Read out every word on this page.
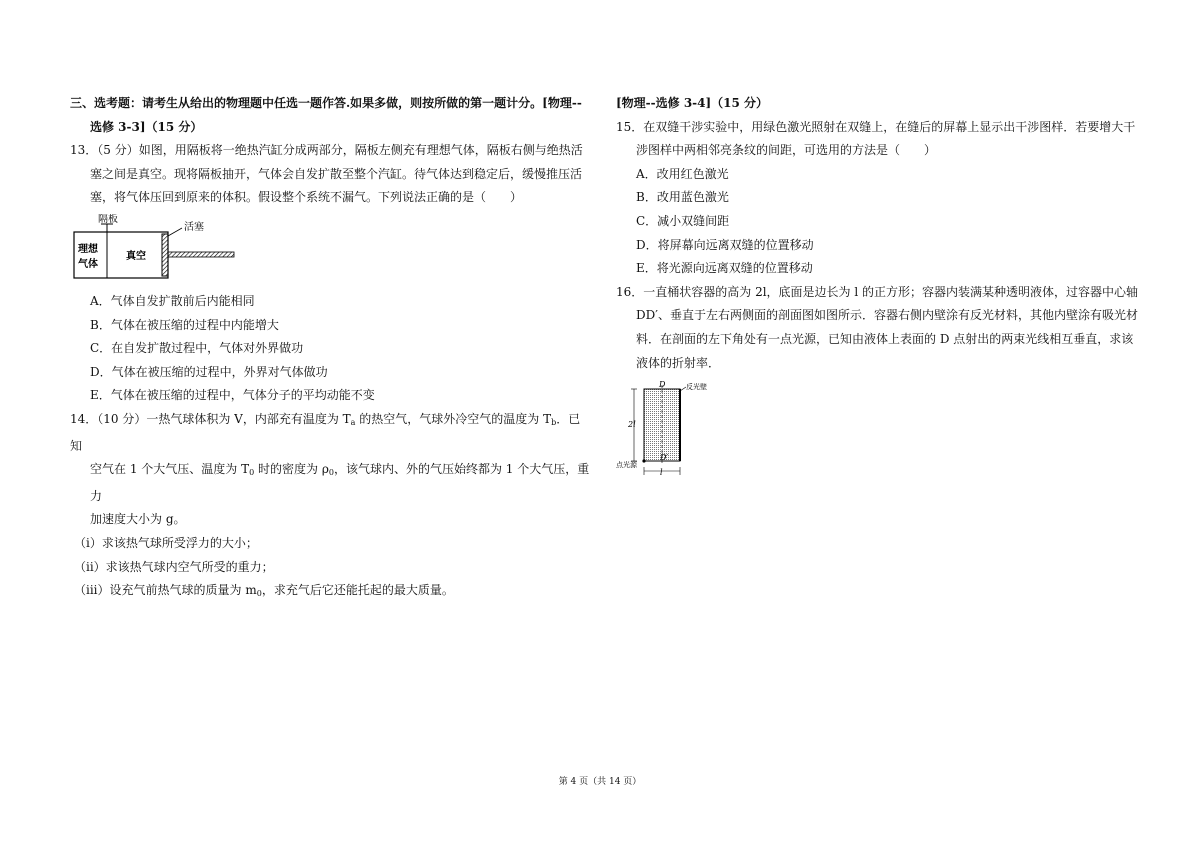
三、选考题：请考生从给出的物理题中任选一题作答.如果多做，则按所做的第一题计分。[物理--

选修 3-3]（15 分）

13．（5 分）如图，用隔板将一绝热汽缸分成两部分，隔板左侧充有理想气体，隔板右侧与绝热活

塞之间是真空。现将隔板抽开，气体会自发扩散至整个汽缸。待气体达到稳定后，缓慢推压活

塞，将气体压回到原来的体积。假设整个系统不漏气。下列说法正确的是（　　）

隔板
理想
气体
真空
活塞

A．气体自发扩散前后内能相同

B．气体在被压缩的过程中内能增大

C．在自发扩散过程中，气体对外界做功

D．气体在被压缩的过程中，外界对气体做功

E．气体在被压缩的过程中，气体分子的平均动能不变

14．（10 分）一热气球体积为 V，内部充有温度为 $T_a$ 的热空气，气球外冷空气的温度为 $T_b$．已知

空气在 1 个大气压、温度为 $T_0$ 时的密度为 $\rho_0$，该气球内、外的气压始终都为 1 个大气压，重力

加速度大小为 g。

（i）求该热气球所受浮力的大小；

（ii）求该热气球内空气所受的重力；

（iii）设充气前热气球的质量为 $m_0$，求充气后它还能托起的最大质量。

[物理--选修 3-4]（15 分）

15．在双缝干涉实验中，用绿色激光照射在双缝上，在缝后的屏幕上显示出干涉图样．若要增大干

涉图样中两相邻亮条纹的间距，可选用的方法是（　　）

A．改用红色激光

B．改用蓝色激光

C．减小双缝间距

D．将屏幕向远离双缝的位置移动

E．将光源向远离双缝的位置移动

16．一直桶状容器的高为 2l，底面是边长为 l 的正方形；容器内装满某种透明液体，过容器中心轴

DD′、垂直于左右两侧面的剖面图如图所示．容器右侧内壁涂有反光材料，其他内壁涂有吸光材

料．在剖面的左下角处有一点光源，已知由液体上表面的 D 点射出的两束光线相互垂直，求该

液体的折射率．

D
D′
反光壁
2l
点光源
l
第 4 页（共 14 页）
